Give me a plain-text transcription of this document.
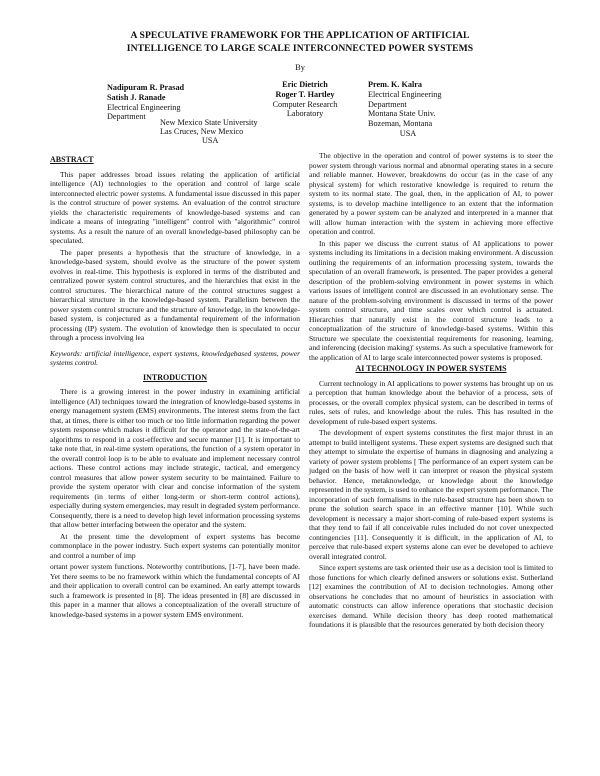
A SPECULATIVE FRAMEWORK FOR THE APPLICATION OF ARTIFICIAL
INTELLIGENCE TO LARGE SCALE INTERCONNECTED POWER SYSTEMS
By
Nadipuram R. Prasad
Satish J. Ranade
Electrical Engineering
Department
New Mexico State University
Las Cruces, New Mexico
USA
Eric Dietrich
Roger T. Hartley
Computer Research
Laboratory
Prem. K. Kalra
Electrical Engineering
Department
Montana State Univ.
Bozeman, Montana
USA
ABSTRACT

This paper addresses broad issues relating the application of artificial intelligence (AI) technologies to the operation and control of large scale interconnected electric power systems. A fundamental issue discussed in this paper is the control structure of power systems. An evaluation of the control structure yields the characteristic requirements of knowledge-based systems and can indicate a means of integrating "intelligent" control with "algorithmic" control systems. As a result the nature of an overall knowledge-based philosophy can be speculated.

The paper presents a hypothesis that the structure of knowledge, in a knowledge-based system, should evolve as the structure of the power system evolves in real-time. This hypothesis is explored in terms of the distributed and centralized power system control structures, and the hierarchies that exist in the control structures. The hierarchical nature of the control structures suggest a hierarchical structure in the knowledge-based system. Parallelism between the power system control structure and the structure of knowledge, in the knowledge-based system, is conjectured as a fundamental requirement of the information processing (IP) system. The evolution of knowledge then is speculated to occur through a process involving lea

Keywords: artificial intelligence, expert systems, knowledgebased systems, power systems control.

INTRODUCTION

There is a growing interest in the power industry in examining artificial intelligence (AI) techniques toward the integration of knowledge-based systems in energy management system (EMS) environments. The interest stems from the fact that, at times, there is either too much or too little information regarding the power system response which makes it difficult for the operator and the state-of-the-art algorithms to respond in a cost-effective and secure manner [1]. It is important to take note that, in real-time system operations, the function of a system operator in the overall control loop is to be able to evaluate and implement necessary control actions. These control actions may include strategic, tactical, and emergency control measures that allow power system security to be maintained. Failure to provide the system operator with clear and concise information of the system requirements (in terms of either long-term or short-term control actions), especially during system emergencies, may result in degraded system performance. Consequently, there is a need to develop high level information processing systems that allow better interfacing between the operator and the system.

At the present time the development of expert systems has become commonplace in the power industry. Such expert systems can potentially monitor and control a number of imp

ortant power system functions. Noteworthy contributions, [1-7], have been made. Yet there seems to be no framework within which the fundamental concepts of AI and their application to overall control can be examined. An early attempt towards such a framework is presented in [8]. The ideas presented in [8] are discussed in this paper in a manner that allows a conceptualization of the overall structure of knowledge-based systems in a power system EMS environment.

The objective in the operation and control of power systems is to steer the power system through various normal and abnormal operating states in a secure and reliable manner. However, breakdowns do occur (as in the case of any physical system) for which restorative knowledge is required to return the system to its normal state. The goal, then, in the application of AI, to power systems, is to develop machine intelligence to an extent that the information generated by a power system can be analyzed and interpreted in a manner that will allow human interaction with the system in achieving more effective operation and control.

In this paper we discuss the current status of AI applications to power systems including its limitations in a decision making environment. A discussion outlining the requirements of an information processing system, towards the speculation of an overall framework, is presented. The paper provides a general description of the problem-solving environment in power systems in which various issues of intelligent control are discussed in an evolutionary sense. The nature of the problem-solving environment is discussed in terms of the power system control structure, and time scales over which control is actuated. Hierarchies that naturally exist in the control structure leads to a conceptualization of the structure of knowledge-based systems. Within this Structure we speculate the coexistential requirements for reasoning, learning, and inferencing (decision making)' systems. As such a speculative framework for the application of AI to large scale interconnected power systems is proposed.

AI TECHNOLOGY IN POWER SYSTEMS

Current technology in AI applications to power systems has brought up on us a perception that human knowledge about the behavior of a process, sets of processes, or the overall complex physical system, can be described in terms of rules, sets of rules, and knowledge about the rules. This has resulted in the development of rule-based expert systems.

The development of expert systems constitutes the first major thrust in an attempt to build intelligent systems. These expert systems are designed such that they attempt to simulate the expertise of humans in diagnosing and analyzing a variety of power system problems [ The performance of an expert system can be judged on the basis of how well it can interpret or reason the physical system behavior. Hence, metaknowledge, or knowledge about the knowledge represented in the system, is used to enhance the expert system performance. The incorporation of such formalisms in the rule-based structure has been shown to prune the solution search space in an effective manner [10]. While such development is necessary a major short-coming of rule-based expert systems is that they tend to fail if all conceivable rules included do not cover unexpected contingencies [11]. Consequently it is difficult, in the application of AI, to perceive that rule-based expert systems alone can ever be developed to achieve overall integrated control.

Since expert systems are task oriented their use as a decision tool is limited to those functions for which clearly defined answers or solutions exist. Sutherland [12] examines the contribution of AI to decision technologies. Among other observations he concludes that no amount of heuristics in association with automatic constructs can allow inference operations that stochastic decision exercises demand. While decision theory has deep rooted mathematical foundations it is plausible that the resources generated by both decision theory
